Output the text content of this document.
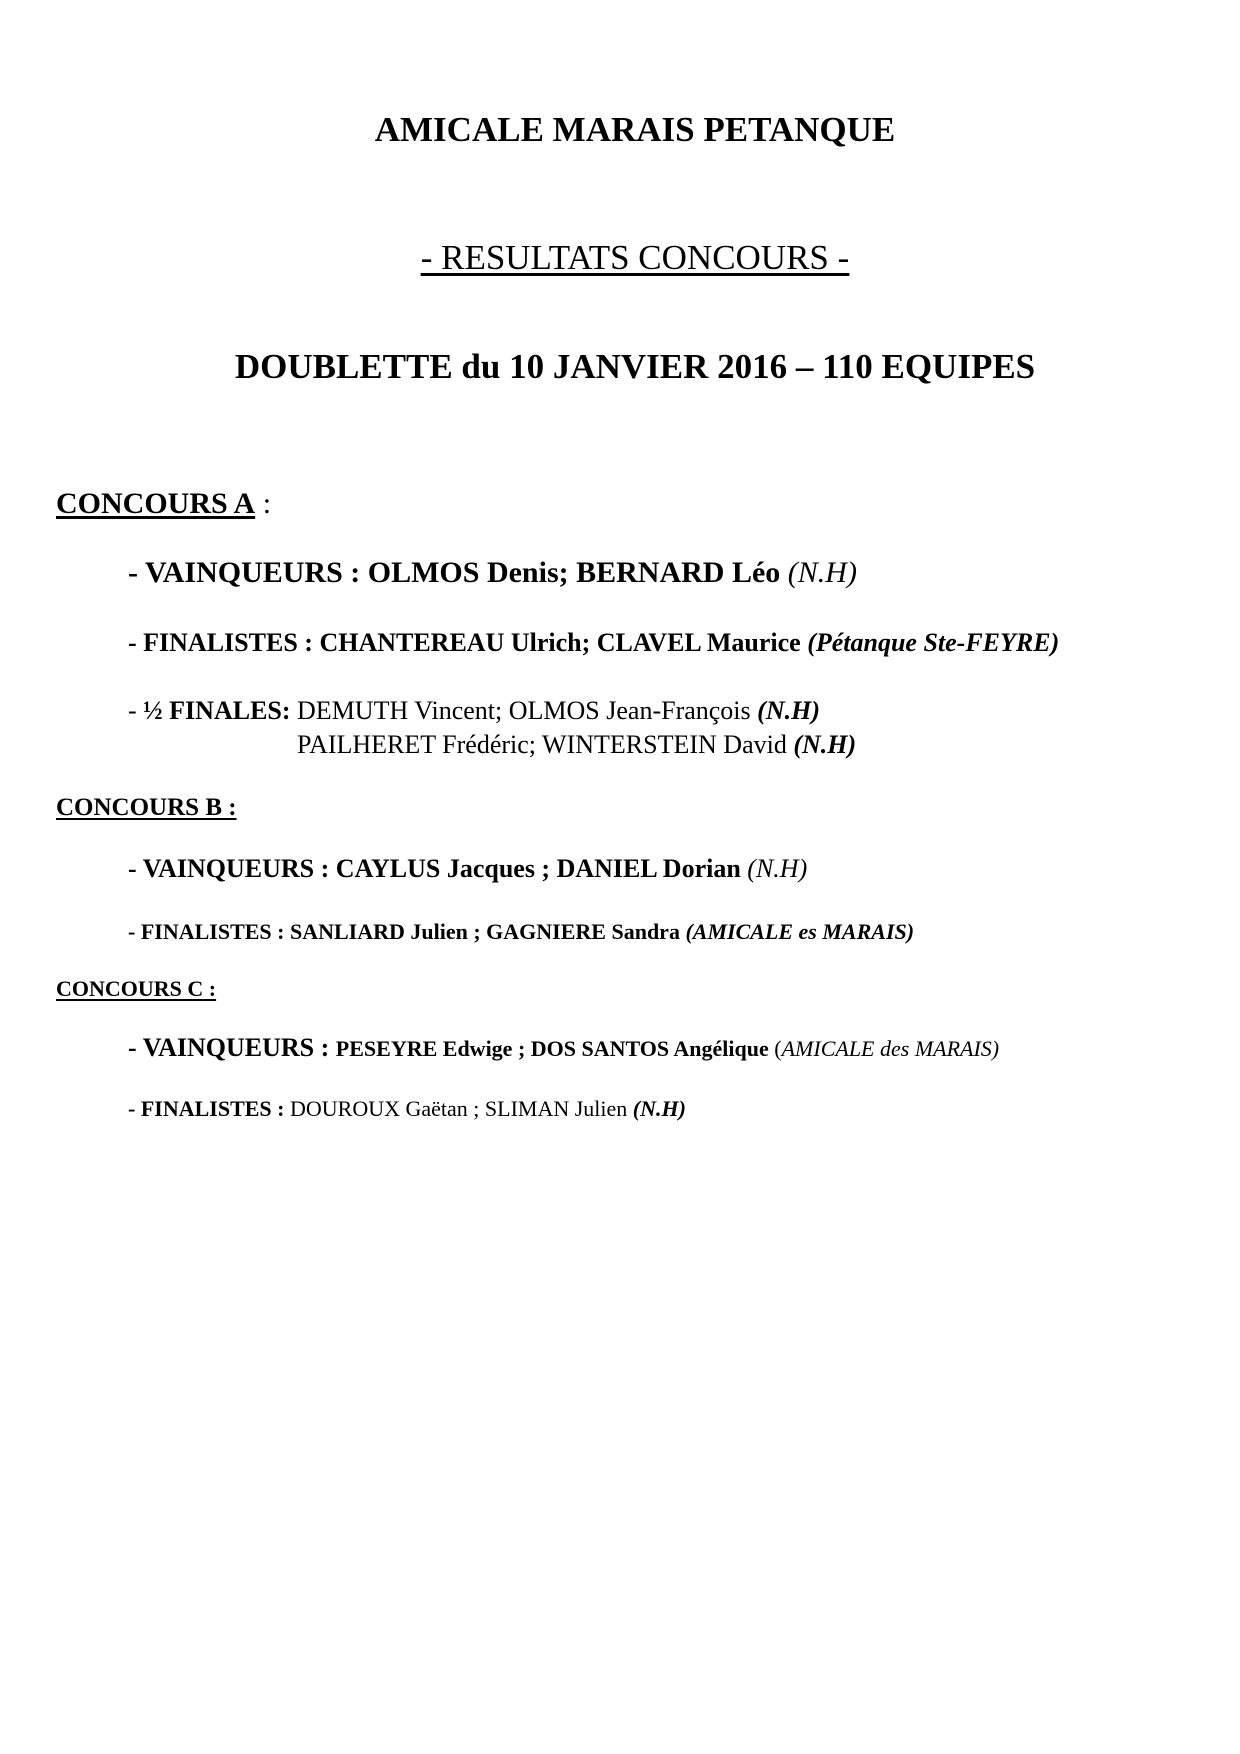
AMICALE MARAIS PETANQUE
- RESULTATS CONCOURS -
DOUBLETTE du 10 JANVIER 2016 – 110 EQUIPES
CONCOURS A :
- VAINQUEURS : OLMOS Denis; BERNARD Léo (N.H)
- FINALISTES : CHANTEREAU Ulrich; CLAVEL Maurice (Pétanque Ste-FEYRE)
- ½ FINALES: DEMUTH Vincent; OLMOS Jean-François (N.H)
PAILHERET Frédéric; WINTERSTEIN David (N.H)
CONCOURS B :
- VAINQUEURS : CAYLUS Jacques ; DANIEL Dorian (N.H)
- FINALISTES : SANLIARD Julien ; GAGNIERE Sandra (AMICALE es MARAIS)
CONCOURS C :
- VAINQUEURS : PESEYRE Edwige ; DOS SANTOS Angélique (AMICALE des MARAIS)
- FINALISTES : DOUROUX Gaëtan ; SLIMAN Julien (N.H)
